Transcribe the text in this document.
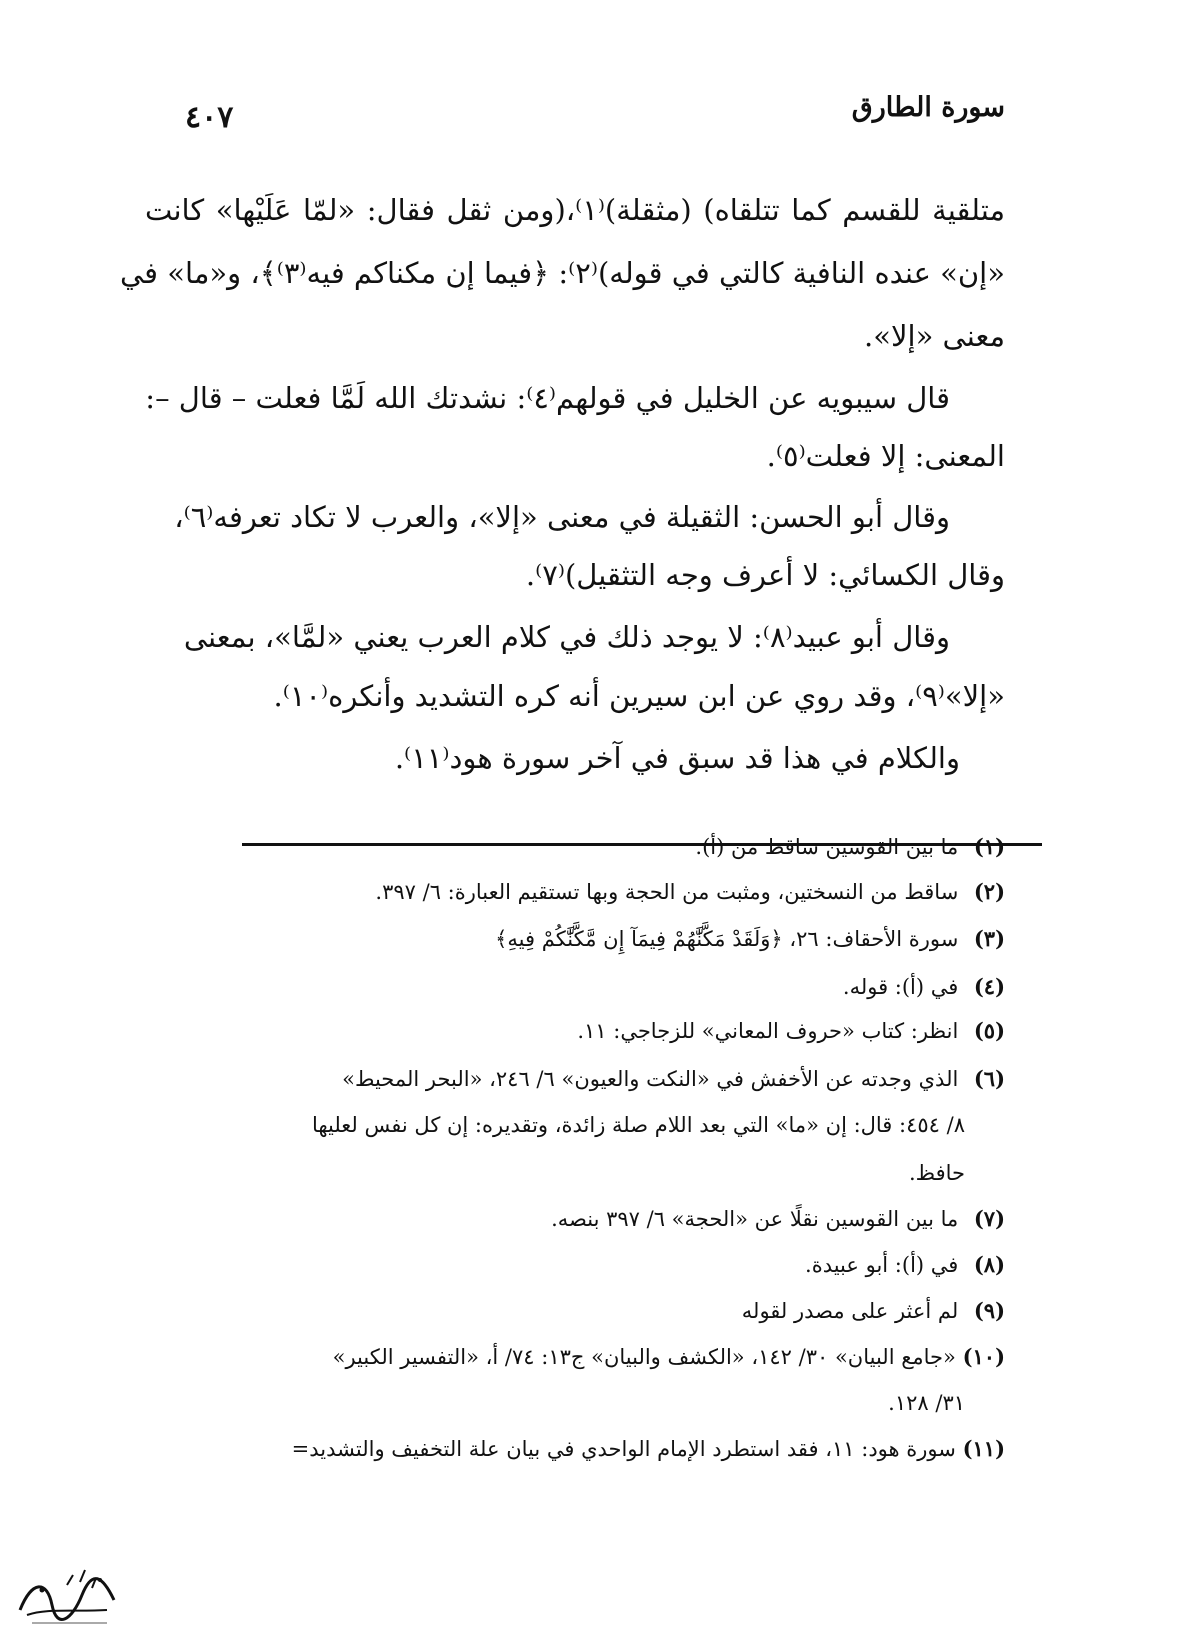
سورة الطارق
٤٠٧
متلقية للقسم كما تتلقاه) (مثقلة)⁽١⁾،(ومن ثقل فقال: «لمّا عَلَيْها» كانت
«إن» عنده النافية كالتي في قوله)⁽٢⁾: ﴿فيما إن مكناكم فيه⁽٣⁾﴾، و«ما» في
معنى «إلا».
قال سيبويه عن الخليل في قولهم⁽٤⁾: نشدتك الله لَمَّا فعلت – قال –:
المعنى: إلا فعلت⁽٥⁾.
وقال أبو الحسن: الثقيلة في معنى «إلا»، والعرب لا تكاد تعرفه⁽٦⁾،
وقال الكسائي: لا أعرف وجه التثقيل)⁽٧⁾.
وقال أبو عبيد⁽٨⁾: لا يوجد ذلك في كلام العرب يعني «لمَّا»، بمعنى
«إلا»⁽٩⁾، وقد روي عن ابن سيرين أنه كره التشديد وأنكره⁽١٠⁾.
والكلام في هذا قد سبق في آخر سورة هود⁽١١⁾.
(١) ما بين القوسين ساقط من (أ).
(٢) ساقط من النسختين، ومثبت من الحجة وبها تستقيم العبارة: ٦/ ٣٩٧.
(٣) سورة الأحقاف: ٢٦، ﴿وَلَقَدْ مَكَّنَّٰهُمْ فِيمَآ إِن مَّكَّنَّٰكُمْ فِيهِ﴾
(٤) في (أ): قوله.
(٥) انظر: كتاب «حروف المعاني» للزجاجي: ١١.
(٦) الذي وجدته عن الأخفش في «النكت والعيون» ٦/ ٢٤٦، «البحر المحيط»
٨/ ٤٥٤: قال: إن «ما» التي بعد اللام صلة زائدة، وتقديره: إن كل نفس لعليها
حافظ.
(٧) ما بين القوسين نقلًا عن «الحجة» ٦/ ٣٩٧ بنصه.
(٨) في (أ): أبو عبيدة.
(٩) لم أعثر على مصدر لقوله
(١٠) «جامع البيان» ٣٠/ ١٤٢، «الكشف والبيان» ج١٣: ٧٤/ أ، «التفسير الكبير»
٣١/ ١٢٨.
(١١) سورة هود: ١١، فقد استطرد الإمام الواحدي في بيان علة التخفيف والتشديد=
